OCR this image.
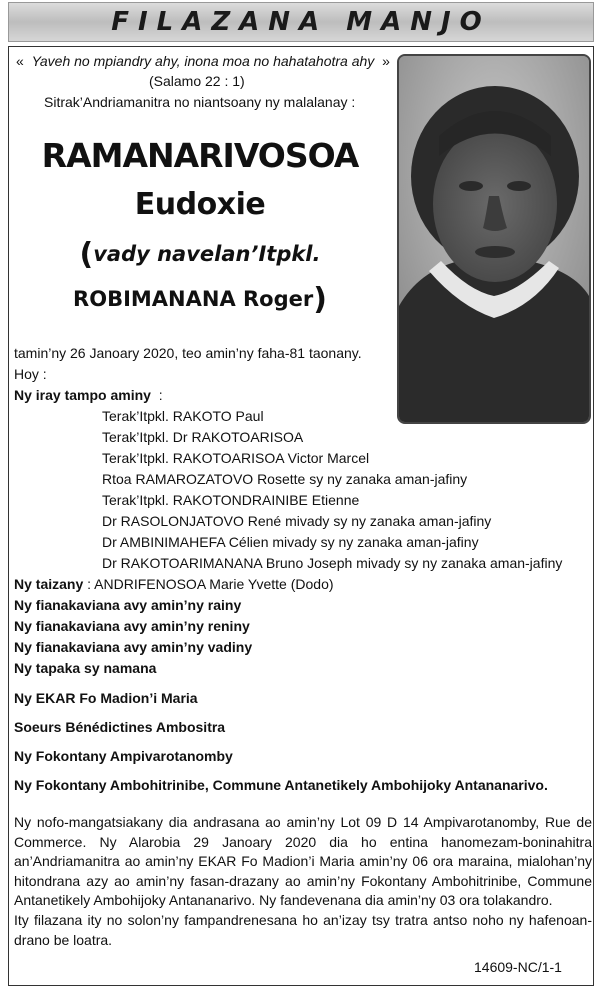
FILAZANA MANJO
« Yaveh no mpiandry ahy, inona moa no hahatahotra ahy »
(Salamo 22 : 1)
Sitrak’Andriamanitra no niantsoany ny malalanay :
RAMANARIVOSOA
Eudoxie
(vady navelan’Itpkl.
ROBIMANANA Roger)
tamin’ny 26 Janoary 2020, teo amin’ny faha-81 taonany.
Hoy :
Ny iray tampo aminy :
Terak’Itpkl. RAKOTO Paul
Terak’Itpkl. Dr RAKOTOARISOA
Terak’Itpkl. RAKOTOARISOA Victor Marcel
Rtoa RAMAROZATOVO Rosette sy ny zanaka aman-jafiny
Terak’Itpkl. RAKOTONDRAINIBE Etienne
Dr RASOLONJATOVO René mivady sy ny zanaka aman-jafiny
Dr AMBINIMAHEFA Célien mivady sy ny zanaka aman-jafiny
Dr RAKOTOARIMANANA Bruno Joseph mivady sy ny zanaka aman-jafiny
Ny taizany : ANDRIFENOSOA Marie Yvette (Dodo)
Ny fianakaviana avy amin’ny rainy
Ny fianakaviana avy amin’ny reniny
Ny fianakaviana avy amin’ny vadiny
Ny tapaka sy namana
Ny EKAR Fo Madion’i Maria
Soeurs Bénédictines Ambositra
Ny Fokontany Ampivarotanomby
Ny Fokontany Ambohitrinibe, Commune Antanetikely Ambohijoky Antananarivo.
Ny nofo-mangatsiakany dia andrasana ao amin’ny Lot 09 D 14 Ampivarotanomby, Rue de Commerce. Ny Alarobia 29 Janoary 2020 dia ho entina hanomezam-boninahitra an’Andriamanitra ao amin’ny EKAR Fo Madion’i Maria amin’ny 06 ora maraina, mialohan’ny hitondrana azy ao amin’ny fasan-drazany ao amin’ny Fokontany Ambohitrinibe, Commune Antanetikely Ambohijoky Antananarivo. Ny fandevenana dia amin’ny 03 ora tolakandro.
Ity filazana ity no solon’ny fampandrenesana ho an’izay tsy tratra antso noho ny hafenoan-drano be loatra.
14609-NC/1-1
